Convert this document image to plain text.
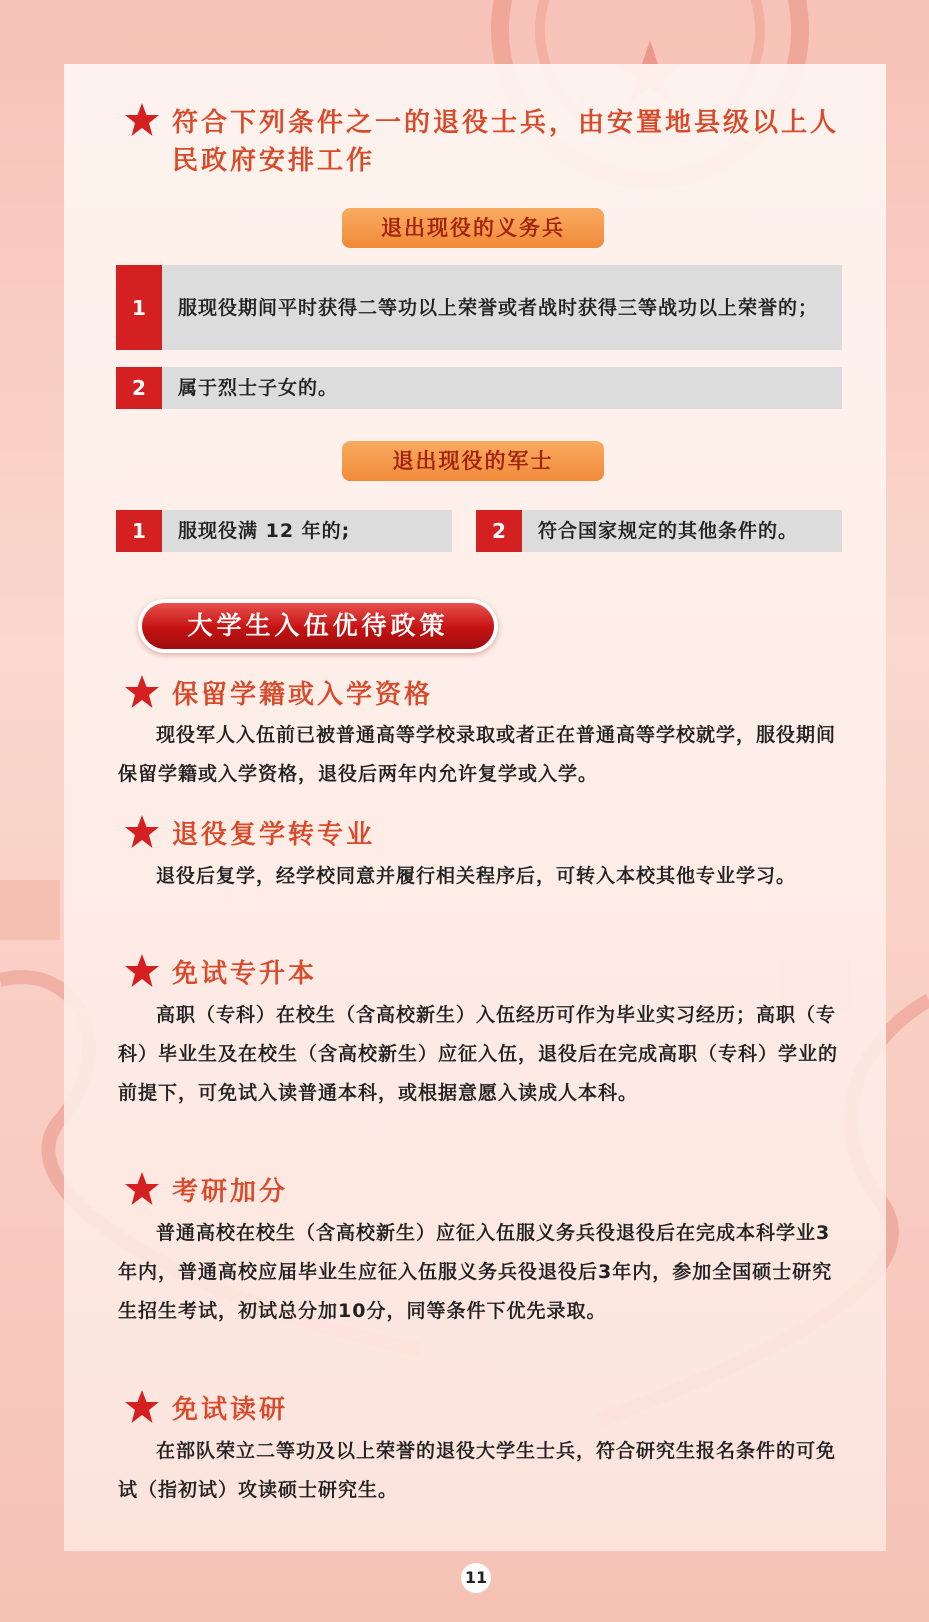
符合下列条件之一的退役士兵，由安置地县级以上人民政府安排工作
退出现役的义务兵
1	服现役期间平时获得二等功以上荣誉或者战时获得三等战功以上荣誉的；
2	属于烈士子女的。
退出现役的军士
1	服现役满 12 年的;	2	符合国家规定的其他条件的。
大学生入伍优待政策
保留学籍或入学资格
现役军人入伍前已被普通高等学校录取或者正在普通高等学校就学，服役期间保留学籍或入学资格，退役后两年内允许复学或入学。
退役复学转专业
退役后复学，经学校同意并履行相关程序后，可转入本校其他专业学习。
免试专升本
高职（专科）在校生（含高校新生）入伍经历可作为毕业实习经历；高职（专科）毕业生及在校生（含高校新生）应征入伍，退役后在完成高职（专科）学业的前提下，可免试入读普通本科，或根据意愿入读成人本科。
考研加分
普通高校在校生（含高校新生）应征入伍服义务兵役退役后在完成本科学业3年内，普通高校应届毕业生应征入伍服义务兵役退役后3年内，参加全国硕士研究生招生考试，初试总分加10分，同等条件下优先录取。
免试读研
在部队荣立二等功及以上荣誉的退役大学生士兵，符合研究生报名条件的可免试（指初试）攻读硕士研究生。
11
